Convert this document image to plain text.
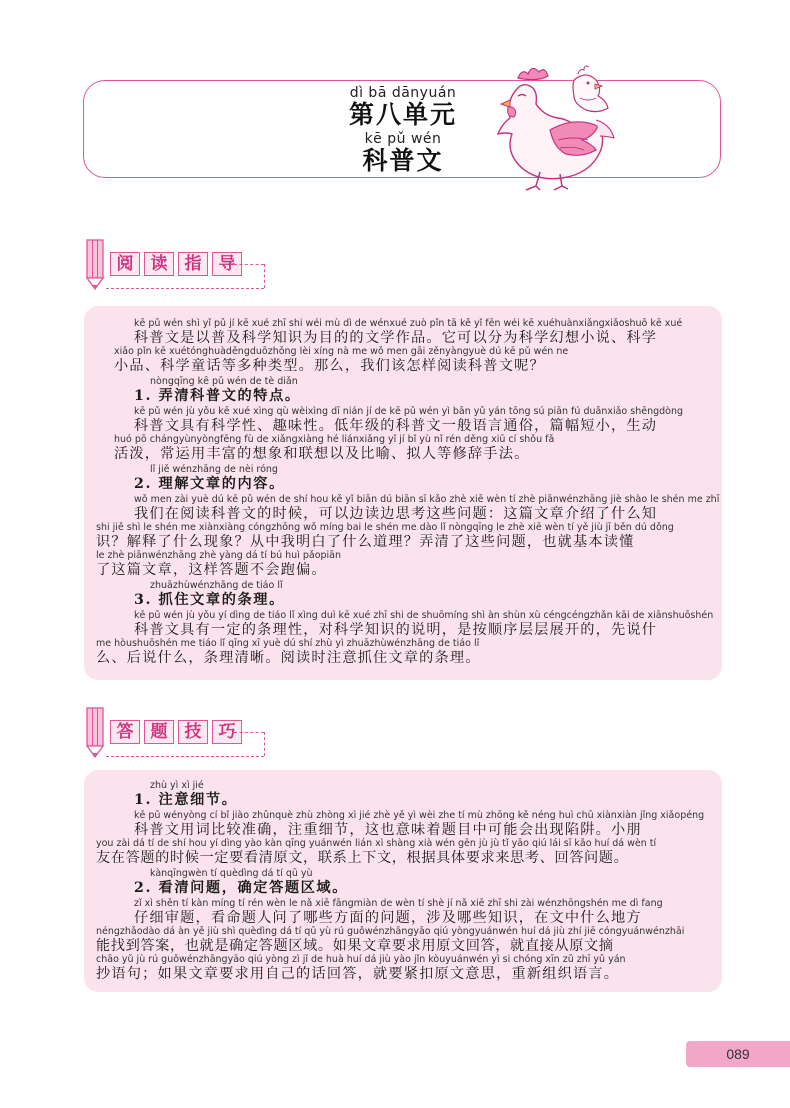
dì bā dānyuán
第八单元
kē pǔ wén
科普文
阅	读	指	导
kē pǔ wén shì yǐ pǔ jí kē xué zhī shi wéi mù dì de wénxué zuò pǐn tā kě yǐ fēn wéi kē xuéhuànxiǎngxiǎoshuō kē xué
科普文是以普及科学知识为目的的文学作品。它可以分为科学幻想小说、科学
xiǎo pǐn kē xuétónghuàděngduōzhǒng lèi xíng nà me wǒ men gāi zěnyàngyuè dú kē pǔ wén ne
小品、科学童话等多种类型。那么，我们该怎样阅读科普文呢？
nòngqīng kē pǔ wén de tè diǎn
1. 弄清科普文的特点。
kē pǔ wén jù yǒu kē xué xìng qù wèixìng dī nián jí de kē pǔ wén yì bān yǔ yán tōng sú piān fú duǎnxiǎo shēngdòng
科普文具有科学性、趣味性。低年级的科普文一般语言通俗，篇幅短小，生动
huó pō chángyùnyòngfēng fù de xiǎngxiàng hé liánxiǎng yǐ jí bǐ yù nǐ rén děng xiū cí shǒu fǎ
活泼，常运用丰富的想象和联想以及比喻、拟人等修辞手法。
lǐ jiě wénzhāng de nèi róng
2. 理解文章的内容。
wǒ men zài yuè dú kē pǔ wén de shí hou kě yǐ biān dú biān sī kǎo zhè xiē wèn tí zhè piānwénzhāng jiè shào le shén me zhī
我们在阅读科普文的时候，可以边读边思考这些问题：这篇文章介绍了什么知
shi jiě shì le shén me xiànxiàng cóngzhōng wǒ míng bai le shén me dào lǐ nòngqīng le zhè xiē wèn tí yě jiù jī běn dú dǒng
识？解释了什么现象？从中我明白了什么道理？弄清了这些问题，也就基本读懂
le zhè piānwénzhāng zhè yàng dá tí bú huì pǎopiān
了这篇文章，这样答题不会跑偏。
zhuāzhùwénzhāng de tiáo lǐ
3. 抓住文章的条理。
kē pǔ wén jù yǒu yí dìng de tiáo lǐ xìng duì kē xué zhī shi de shuōmíng shì àn shùn xù céngcéngzhǎn kāi de xiānshuōshén
科普文具有一定的条理性，对科学知识的说明，是按顺序层层展开的，先说什
me hòushuōshén me tiáo lǐ qīng xī yuè dú shí zhù yì zhuāzhùwénzhāng de tiáo lǐ
么、后说什么，条理清晰。阅读时注意抓住文章的条理。
答	题	技	巧
zhù yì xì jié
1. 注意细节。
kē pǔ wényòng cí bǐ jiào zhǔnquè zhù zhòng xì jié zhè yě yì wèi zhe tí mù zhōng kě néng huì chū xiànxiàn jǐng xiǎopéng
科普文用词比较准确，注重细节，这也意味着题目中可能会出现陷阱。小朋
you zài dá tí de shí hou yí dìng yào kàn qīng yuánwén lián xì shàng xià wén gēn jù jù tǐ yāo qiú lái sī kǎo huí dá wèn tí
友在答题的时候一定要看清原文，联系上下文，根据具体要求来思考、回答问题。
kànqīngwèn tí quèdìng dá tí qū yù
2. 看清问题，确定答题区域。
zǐ xì shěn tí kàn míng tí rén wèn le nǎ xiē fāngmiàn de wèn tí shè jí nǎ xiē zhī shi zài wénzhōngshén me dì fang
仔细审题，看命题人问了哪些方面的问题，涉及哪些知识，在文中什么地方
néngzhǎodào dá àn yě jiù shì quèdìng dá tí qū yù rú guǒwénzhāngyāo qiú yòngyuánwén huí dá jiù zhí jiē cóngyuánwénzhāi
能找到答案，也就是确定答题区域。如果文章要求用原文回答，就直接从原文摘
chāo yǔ jù rú guǒwénzhāngyāo qiú yòng zì jǐ de huà huí dá jiù yào jǐn kòuyuánwén yì si chóng xīn zǔ zhī yǔ yán
抄语句；如果文章要求用自己的话回答，就要紧扣原文意思，重新组织语言。
089
